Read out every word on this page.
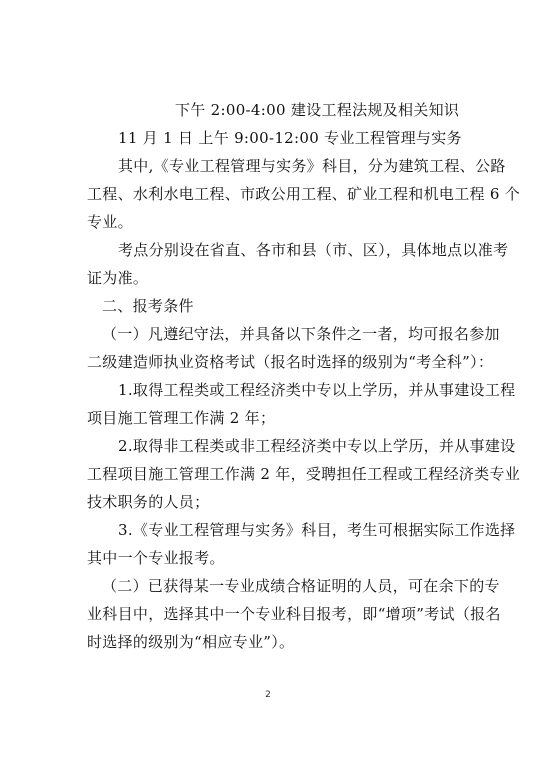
下午 2:00-4:00 建设工程法规及相关知识
11 月 1 日 上午 9:00-12:00 专业工程管理与实务
其中,《专业工程管理与实务》科目，分为建筑工程、公路
工程、水利水电工程、市政公用工程、矿业工程和机电工程 6 个
专业。
考点分别设在省直、各市和县（市、区），具体地点以准考
证为准。
二、报考条件
（一）凡遵纪守法，并具备以下条件之一者，均可报名参加
二级建造师执业资格考试（报名时选择的级别为“考全科”）：
1.取得工程类或工程经济类中专以上学历，并从事建设工程
项目施工管理工作满 2 年；
2.取得非工程类或非工程经济类中专以上学历，并从事建设
工程项目施工管理工作满 2 年，受聘担任工程或工程经济类专业
技术职务的人员；
3.《专业工程管理与实务》科目，考生可根据实际工作选择
其中一个专业报考。
（二）已获得某一专业成绩合格证明的人员，可在余下的专
业科目中，选择其中一个专业科目报考，即“增项”考试（报名
时选择的级别为“相应专业”）。
2
